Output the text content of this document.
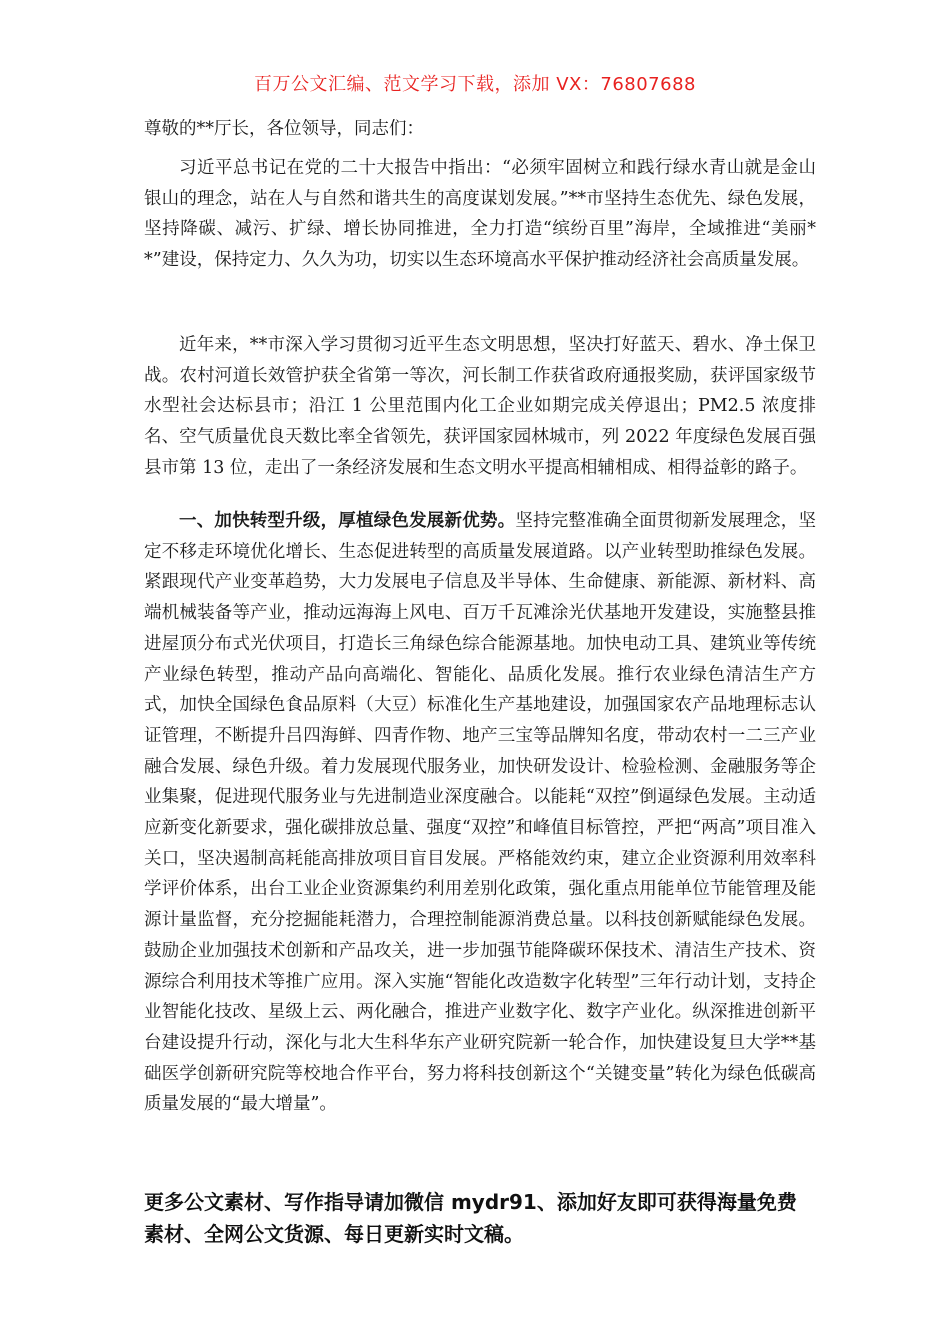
百万公文汇编、范文学习下载，添加 VX：76807688
尊敬的**厅长，各位领导，同志们：

习近平总书记在党的二十大报告中指出：“必须牢固树立和践行绿水青山就是金山银山的理念，站在人与自然和谐共生的高度谋划发展。”**市坚持生态优先、绿色发展，坚持降碳、减污、扩绿、增长协同推进，全力打造“缤纷百里”海岸，全域推进“美丽**”建设，保持定力、久久为功，切实以生态环境高水平保护推动经济社会高质量发展。

近年来，**市深入学习贯彻习近平生态文明思想，坚决打好蓝天、碧水、净土保卫战。农村河道长效管护获全省第一等次，河长制工作获省政府通报奖励，获评国家级节水型社会达标县市；沿江 1 公里范围内化工企业如期完成关停退出；PM2.5 浓度排名、空气质量优良天数比率全省领先，获评国家园林城市，列 2022 年度绿色发展百强县市第 13 位，走出了一条经济发展和生态文明水平提高相辅相成、相得益彰的路子。

一、加快转型升级，厚植绿色发展新优势。坚持完整准确全面贯彻新发展理念，坚定不移走环境优化增长、生态促进转型的高质量发展道路。以产业转型助推绿色发展。紧跟现代产业变革趋势，大力发展电子信息及半导体、生命健康、新能源、新材料、高端机械装备等产业，推动远海海上风电、百万千瓦滩涂光伏基地开发建设，实施整县推进屋顶分布式光伏项目，打造长三角绿色综合能源基地。加快电动工具、建筑业等传统产业绿色转型，推动产品向高端化、智能化、品质化发展。推行农业绿色清洁生产方式，加快全国绿色食品原料（大豆）标准化生产基地建设，加强国家农产品地理标志认证管理，不断提升吕四海鲜、四青作物、地产三宝等品牌知名度，带动农村一二三产业融合发展、绿色升级。着力发展现代服务业，加快研发设计、检验检测、金融服务等企业集聚，促进现代服务业与先进制造业深度融合。以能耗“双控”倒逼绿色发展。主动适应新变化新要求，强化碳排放总量、强度“双控”和峰值目标管控，严把“两高”项目准入关口，坚决遏制高耗能高排放项目盲目发展。严格能效约束，建立企业资源利用效率科学评价体系，出台工业企业资源集约利用差别化政策，强化重点用能单位节能管理及能源计量监督，充分挖掘能耗潜力，合理控制能源消费总量。以科技创新赋能绿色发展。鼓励企业加强技术创新和产品攻关，进一步加强节能降碳环保技术、清洁生产技术、资源综合利用技术等推广应用。深入实施“智能化改造数字化转型”三年行动计划，支持企业智能化技改、星级上云、两化融合，推进产业数字化、数字产业化。纵深推进创新平台建设提升行动，深化与北大生科华东产业研究院新一轮合作，加快建设复旦大学**基础医学创新研究院等校地合作平台，努力将科技创新这个“关键变量”转化为绿色低碳高质量发展的“最大增量”。

更多公文素材、写作指导请加微信 mydr91、添加好友即可获得海量免费素材、全网公文货源、每日更新实时文稿。
